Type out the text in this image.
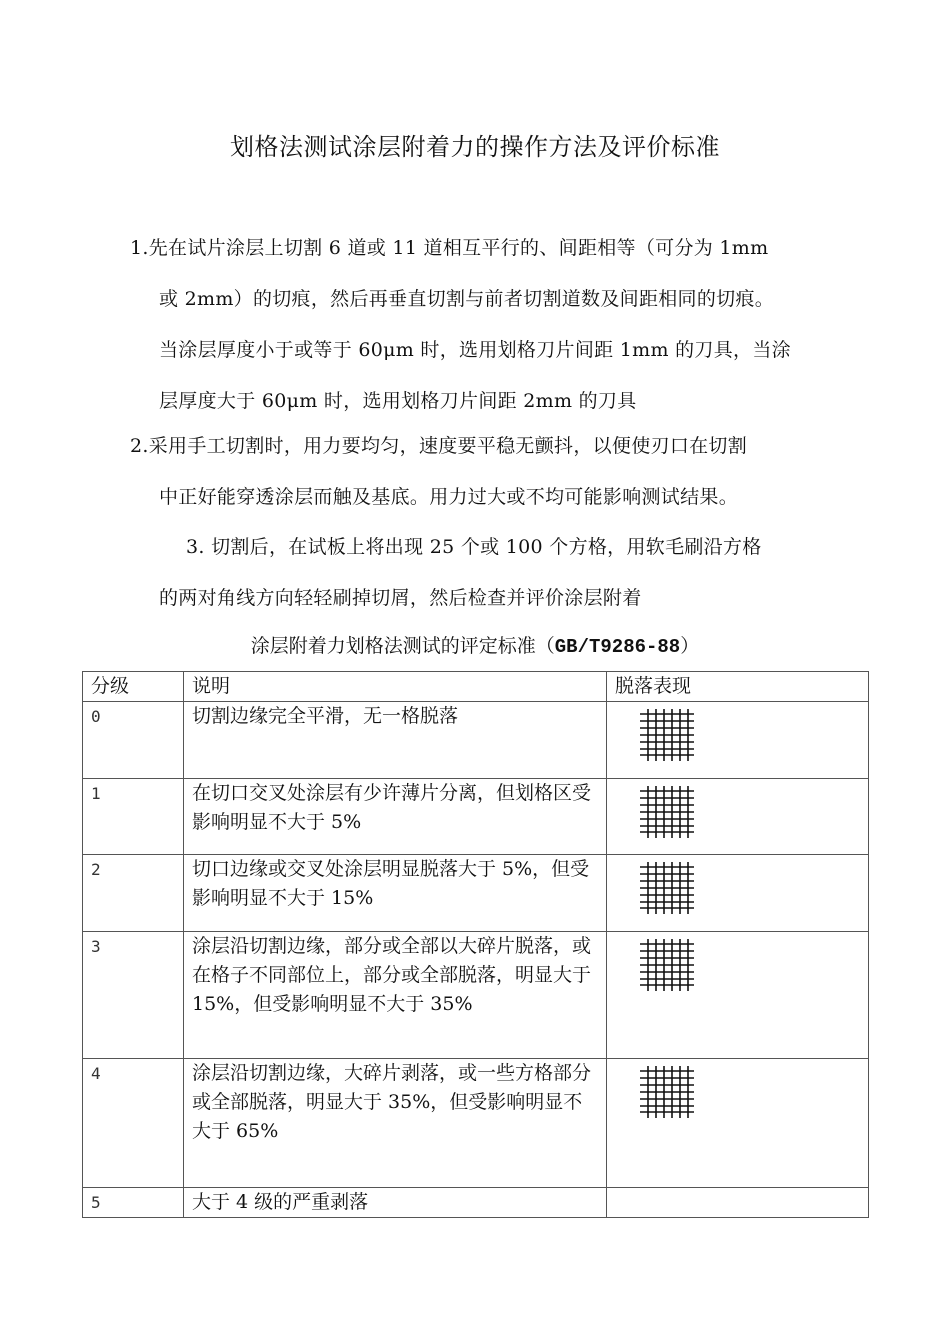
划格法测试涂层附着力的操作方法及评价标准
1.先在试片涂层上切割 6 道或 11 道相互平行的、间距相等（可分为 1mm
或 2mm）的切痕，然后再垂直切割与前者切割道数及间距相同的切痕。
当涂层厚度小于或等于 60μm 时，选用划格刀片间距 1mm 的刀具，当涂
层厚度大于 60μm 时，选用划格刀片间距 2mm 的刀具
2.采用手工切割时，用力要均匀，速度要平稳无颤抖，以便使刃口在切割
中正好能穿透涂层而触及基底。用力过大或不均可能影响测试结果。
3. 切割后，在试板上将出现 25 个或 100 个方格，用软毛刷沿方格
的两对角线方向轻轻刷掉切屑，然后检查并评价涂层附着
涂层附着力划格法测试的评定标准（GB/T9286-88）
分级	说明	脱落表现
0	切割边缘完全平滑，无一格脱落	

1	在切口交叉处涂层有少许薄片分离，但划格区受影响明显不大于 5%	

2	切口边缘或交叉处涂层明显脱落大于 5%，但受影响明显不大于 15%	

3	涂层沿切割边缘，部分或全部以大碎片脱落，或在格子不同部位上，部分或全部脱落，明显大于 15%，但受影响明显不大于 35%	

4	涂层沿切割边缘，大碎片剥落，或一些方格部分或全部脱落，明显大于 35%，但受影响明显不大于 65%	

5	大于 4 级的严重剥落	
